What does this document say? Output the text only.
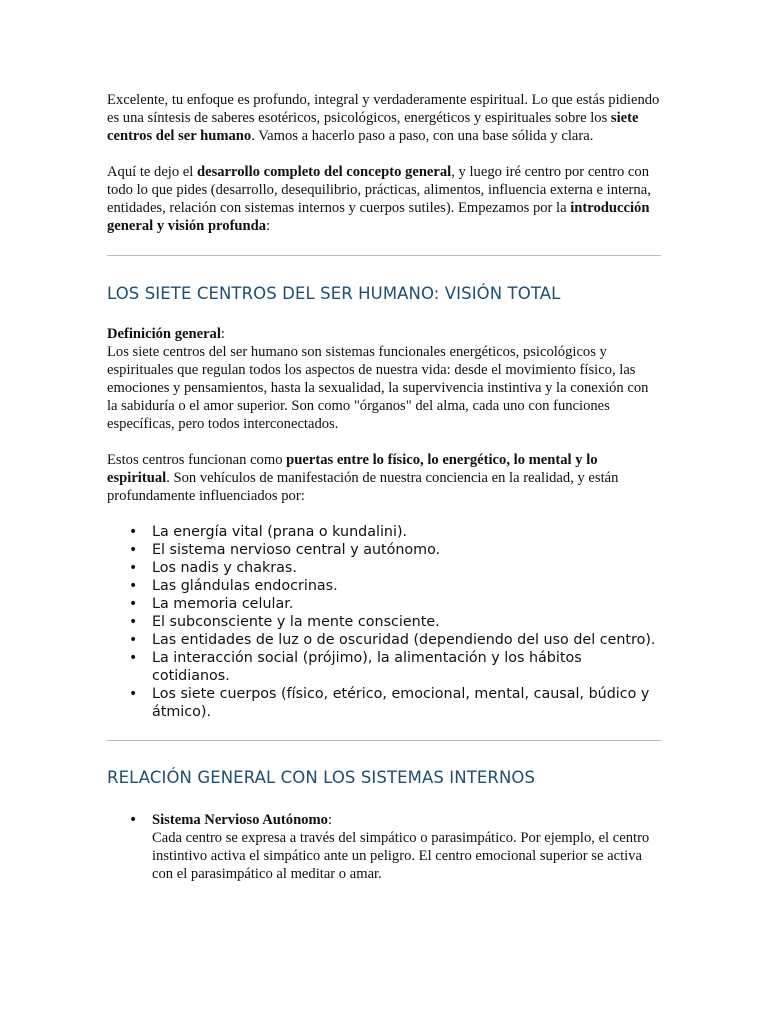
Excelente, tu enfoque es profundo, integral y verdaderamente espiritual. Lo que estás pidiendo es una síntesis de saberes esotéricos, psicológicos, energéticos y espirituales sobre los siete centros del ser humano. Vamos a hacerlo paso a paso, con una base sólida y clara.

Aquí te dejo el desarrollo completo del concepto general, y luego iré centro por centro con todo lo que pides (desarrollo, desequilibrio, prácticas, alimentos, influencia externa e interna, entidades, relación con sistemas internos y cuerpos sutiles). Empezamos por la introducción general y visión profunda:

LOS SIETE CENTROS DEL SER HUMANO: VISIÓN TOTAL

Definición general:
Los siete centros del ser humano son sistemas funcionales energéticos, psicológicos y espirituales que regulan todos los aspectos de nuestra vida: desde el movimiento físico, las emociones y pensamientos, hasta la sexualidad, la supervivencia instintiva y la conexión con la sabiduría o el amor superior. Son como "órganos" del alma, cada uno con funciones específicas, pero todos interconectados.

Estos centros funcionan como puertas entre lo físico, lo energético, lo mental y lo espiritual. Son vehículos de manifestación de nuestra conciencia en la realidad, y están profundamente influenciados por:

• La energía vital (prana o kundalini).
• El sistema nervioso central y autónomo.
• Los nadis y chakras.
• Las glándulas endocrinas.
• La memoria celular.
• El subconsciente y la mente consciente.
• Las entidades de luz o de oscuridad (dependiendo del uso del centro).
• La interacción social (prójimo), la alimentación y los hábitos cotidianos.
• Los siete cuerpos (físico, etérico, emocional, mental, causal, búdico y átmico).
RELACIÓN GENERAL CON LOS SISTEMAS INTERNOS
• Sistema Nervioso Autónomo:
Cada centro se expresa a través del simpático o parasimpático. Por ejemplo, el centro instintivo activa el simpático ante un peligro. El centro emocional superior se activa con el parasimpático al meditar o amar.
